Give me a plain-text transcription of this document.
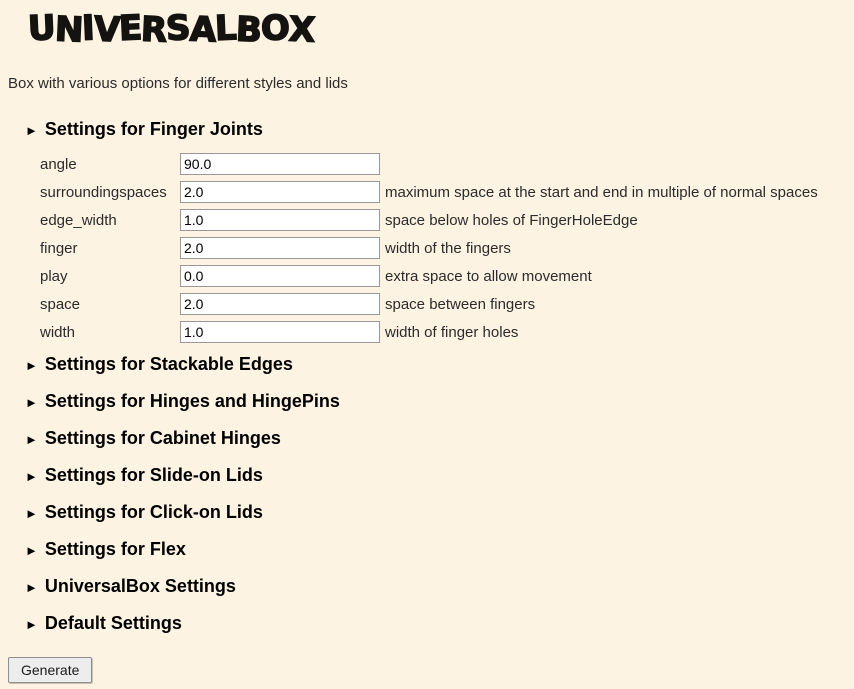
UNIVERSALBOX

Box with various options for different styles and lids

► Settings for Finger Joints
angle
90.0
surroundingspaces
2.0	maximum space at the start and end in multiple of normal spaces
edge_width
1.0	space below holes of FingerHoleEdge
finger
2.0	width of the fingers
play
0.0	extra space to allow movement
space
2.0	space between fingers
width
1.0	width of finger holes
► Settings for Stackable Edges
► Settings for Hinges and HingePins
► Settings for Cabinet Hinges
► Settings for Slide-on Lids
► Settings for Click-on Lids
► Settings for Flex
► UniversalBox Settings
► Default Settings
Generate
